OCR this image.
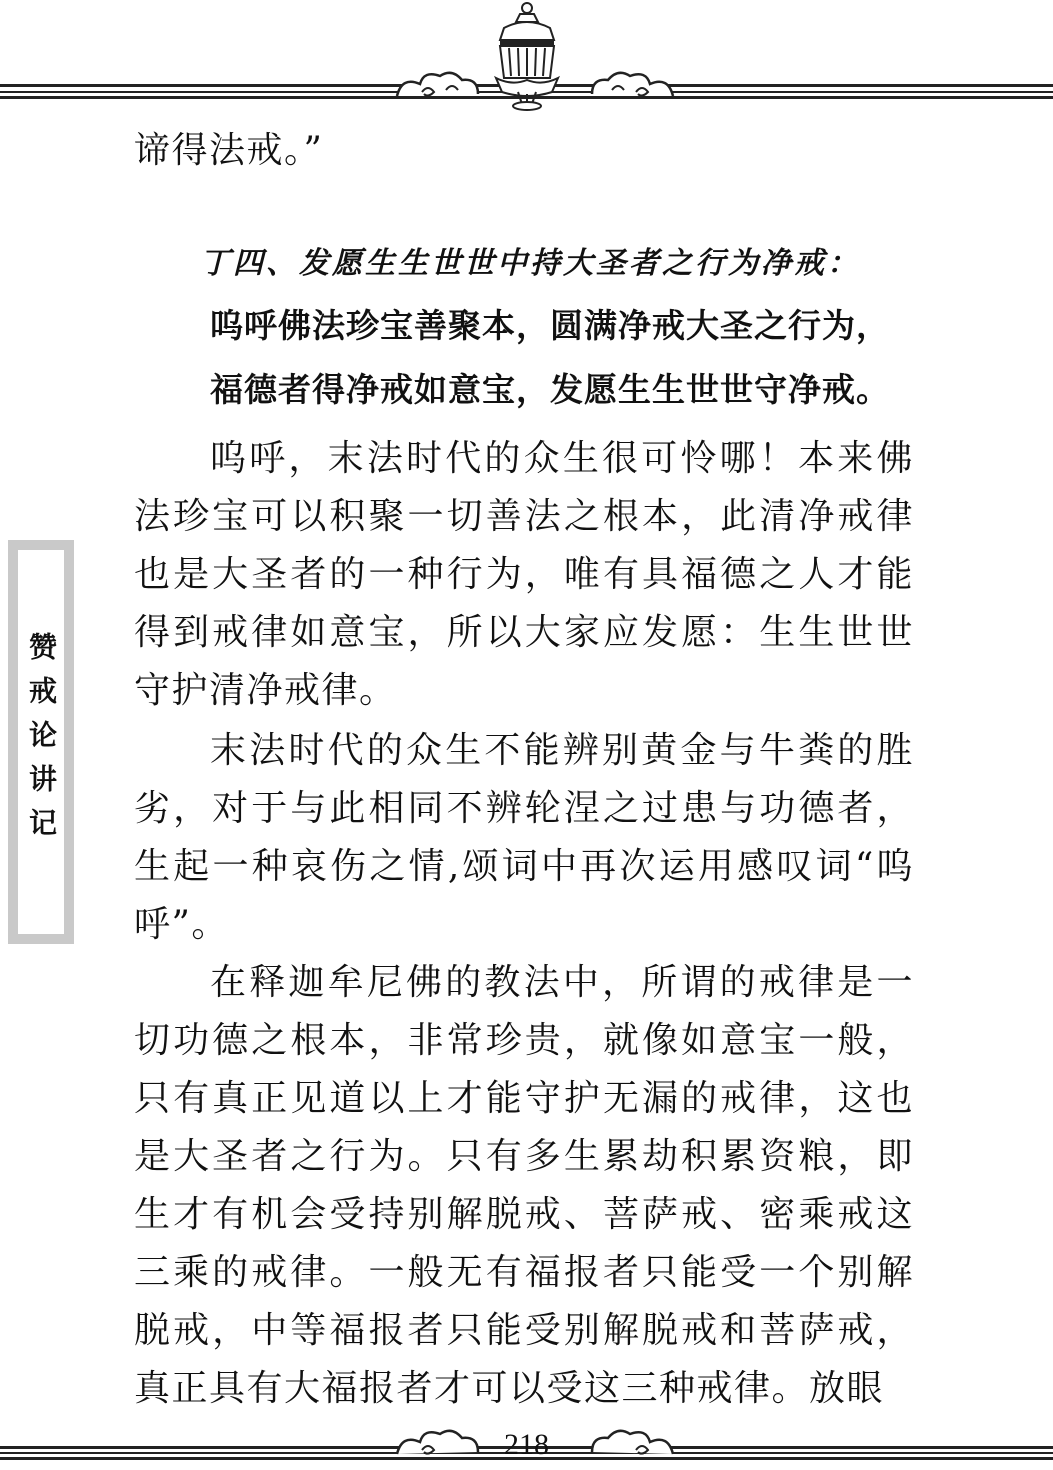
赞戒论讲记

谛得法戒。”

丁四、发愿生生世世中持大圣者之行为净戒：
呜呼佛法珍宝善聚本，圆满净戒大圣之行为，
福德者得净戒如意宝，发愿生生世世守净戒。

呜呼，末法时代的众生很可怜哪！本来佛法珍宝可以积聚一切善法之根本，此清净戒律也是大圣者的一种行为，唯有具福德之人才能得到戒律如意宝，所以大家应发愿：生生世世守护清净戒律。

末法时代的众生不能辨别黄金与牛粪的胜劣，对于与此相同不辨轮涅之过患与功德者，生起一种哀伤之情,颂词中再次运用感叹词“呜呼”。

在释迦牟尼佛的教法中，所谓的戒律是一切功德之根本，非常珍贵，就像如意宝一般，只有真正见道以上才能守护无漏的戒律，这也是大圣者之行为。只有多生累劫积累资粮，即生才有机会受持别解脱戒、菩萨戒、密乘戒这三乘的戒律。一般无有福报者只能受一个别解脱戒，中等福报者只能受别解脱戒和菩萨戒，真正具有大福报者才可以受这三种戒律。放眼

218
